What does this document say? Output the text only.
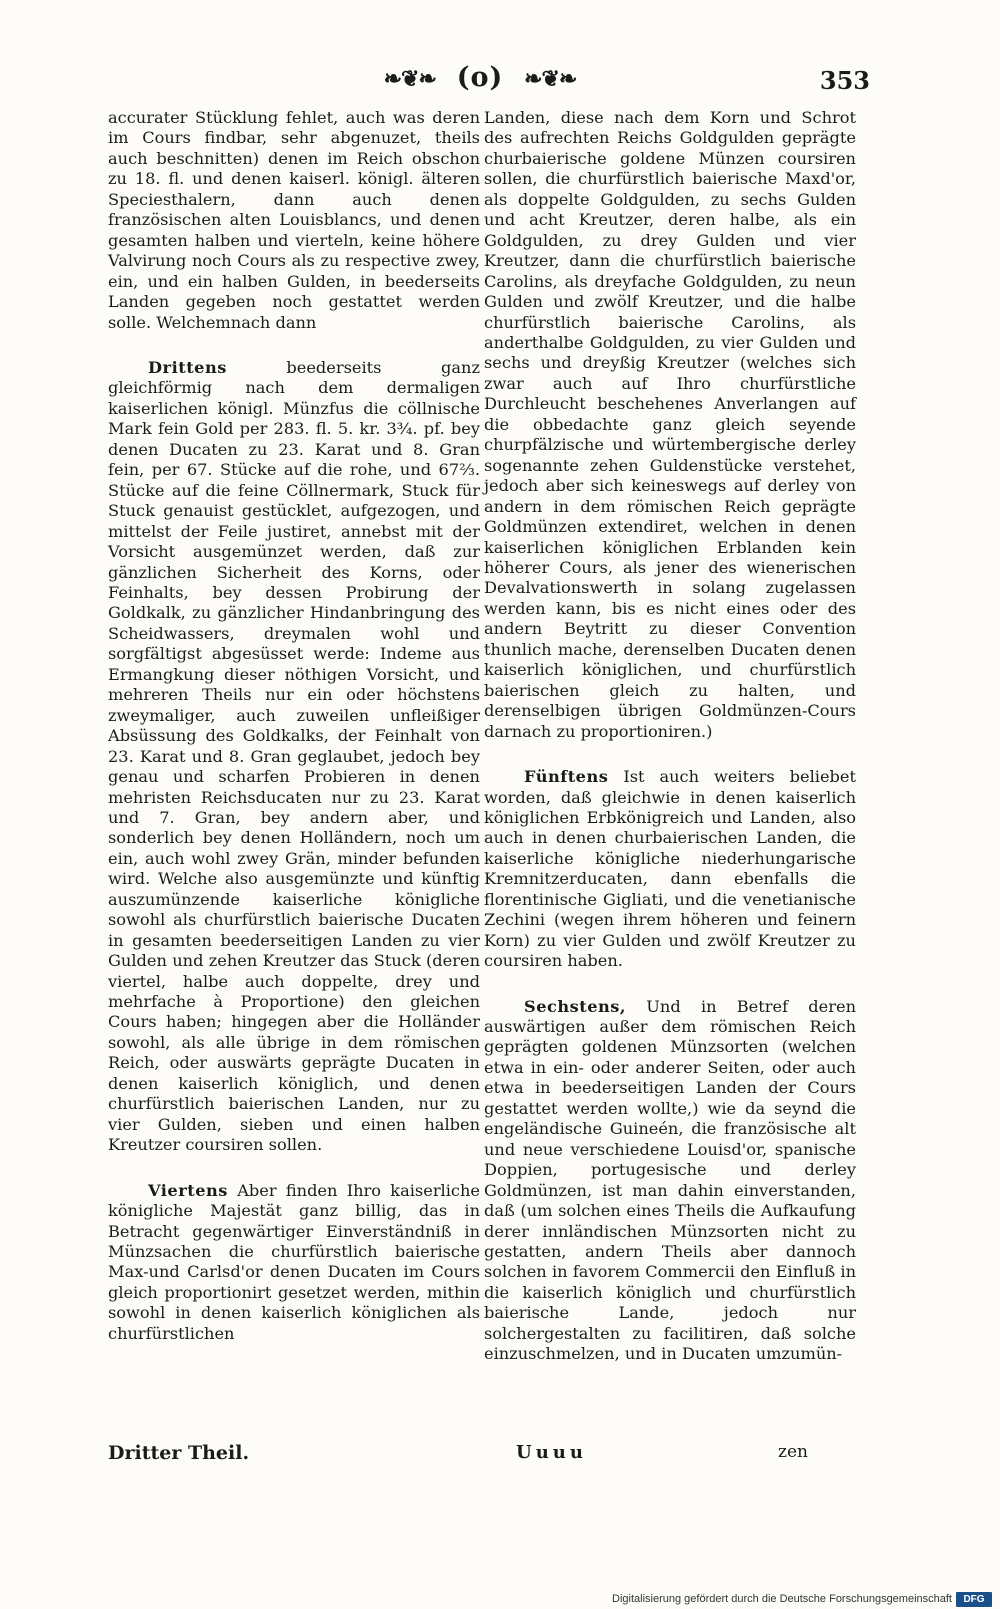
❧❦❧ (o) ❧❦❧	353

accurater Stücklung fehlet, auch was deren im Cours findbar, sehr abgenuzet, theils auch beschnitten) denen im Reich obschon zu 18. fl. und denen kaiserl. königl. älteren Speciesthalern, dann auch denen französischen alten Louisblancs, und denen gesamten halben und vierteln, keine höhere Valvirung noch Cours als zu respective zwey, ein, und ein halben Gulden, in beederseits Landen gegeben noch gestattet werden solle. Welchemnach dann

Drittens beederseits ganz gleichförmig nach dem dermaligen kaiserlichen königl. Münzfus die cöllnische Mark fein Gold per 283. fl. 5. kr. 3¾. pf. bey denen Ducaten zu 23. Karat und 8. Gran fein, per 67. Stücke auf die rohe, und 67⅔. Stücke auf die feine Cöllnermark, Stuck für Stuck genauist gestücklet, aufgezogen, und mittelst der Feile justiret, annebst mit der Vorsicht ausgemünzet werden, daß zur gänzlichen Sicherheit des Korns, oder Feinhalts, bey dessen Probirung der Goldkalk, zu gänzlicher Hindanbringung des Scheidwassers, dreymalen wohl und sorgfältigst abgesüsset werde: Indeme aus Ermangkung dieser nöthigen Vorsicht, und mehreren Theils nur ein oder höchstens zweymaliger, auch zuweilen unfleißiger Absüssung des Goldkalks, der Feinhalt von 23. Karat und 8. Gran geglaubet, jedoch bey genau und scharfen Probieren in denen mehristen Reichsducaten nur zu 23. Karat und 7. Gran, bey andern aber, und sonderlich bey denen Holländern, noch um ein, auch wohl zwey Grän, minder befunden wird. Welche also ausgemünzte und künftig auszumünzende kaiserliche königliche sowohl als churfürstlich baierische Ducaten in gesamten beederseitigen Landen zu vier Gulden und zehen Kreutzer das Stuck (deren viertel, halbe auch doppelte, drey und mehrfache à Proportione) den gleichen Cours haben; hingegen aber die Holländer sowohl, als alle übrige in dem römischen Reich, oder auswärts geprägte Ducaten in denen kaiserlich königlich, und denen churfürstlich baierischen Landen, nur zu vier Gulden, sieben und einen halben Kreutzer coursiren sollen.

Viertens Aber finden Ihro kaiserliche königliche Majestät ganz billig, das in Betracht gegenwärtiger Einverständniß in Münzsachen die churfürstlich baierische Max-und Carlsd'or denen Ducaten im Cours gleich proportionirt gesetzet werden, mithin sowohl in denen kaiserlich königlichen als churfürstlichen

Landen, diese nach dem Korn und Schrot des aufrechten Reichs Goldgulden geprägte churbaierische goldene Münzen coursiren sollen, die churfürstlich baierische Maxd'or, als doppelte Goldgulden, zu sechs Gulden und acht Kreutzer, deren halbe, als ein Goldgulden, zu drey Gulden und vier Kreutzer, dann die churfürstlich baierische Carolins, als dreyfache Goldgulden, zu neun Gulden und zwölf Kreutzer, und die halbe churfürstlich baierische Carolins, als anderthalbe Goldgulden, zu vier Gulden und sechs und dreyßig Kreutzer (welches sich zwar auch auf Ihro churfürstliche Durchleucht beschehenes Anverlangen auf die obbedachte ganz gleich seyende churpfälzische und würtembergische derley sogenannte zehen Guldenstücke verstehet, jedoch aber sich keineswegs auf derley von andern in dem römischen Reich geprägte Goldmünzen extendiret, welchen in denen kaiserlichen königlichen Erblanden kein höherer Cours, als jener des wienerischen Devalvationswerth in solang zugelassen werden kann, bis es nicht eines oder des andern Beytritt zu dieser Convention thunlich mache, derenselben Ducaten denen kaiserlich königlichen, und churfürstlich baierischen gleich zu halten, und derenselbigen übrigen Goldmünzen-Cours darnach zu proportioniren.)

Fünftens Ist auch weiters beliebet worden, daß gleichwie in denen kaiserlich königlichen Erbkönigreich und Landen, also auch in denen churbaierischen Landen, die kaiserliche königliche niederhungarische Kremnitzerducaten, dann ebenfalls die florentinische Gigliati, und die venetianische Zechini (wegen ihrem höheren und feinern Korn) zu vier Gulden und zwölf Kreutzer zu coursiren haben.

Sechstens, Und in Betref deren auswärtigen außer dem römischen Reich geprägten goldenen Münzsorten (welchen etwa in ein- oder anderer Seiten, oder auch etwa in beederseitigen Landen der Cours gestattet werden wollte,) wie da seynd die engeländische Guineén, die französische alt und neue verschiedene Louisd'or, spanische Doppien, portugesische und derley Goldmünzen, ist man dahin einverstanden, daß (um solchen eines Theils die Aufkaufung derer innländischen Münzsorten nicht zu gestatten, andern Theils aber dannoch solchen in favorem Commercii den Einfluß in die kaiserlich königlich und churfürstlich baierische Lande, jedoch nur solchergestalten zu facilitiren, daß solche einzuschmelzen, und in Ducaten umzumün-

Dritter Theil.	Uuuu	zen
Digitalisierung gefördert durch die Deutsche Forschungsgemeinschaft	DFG
